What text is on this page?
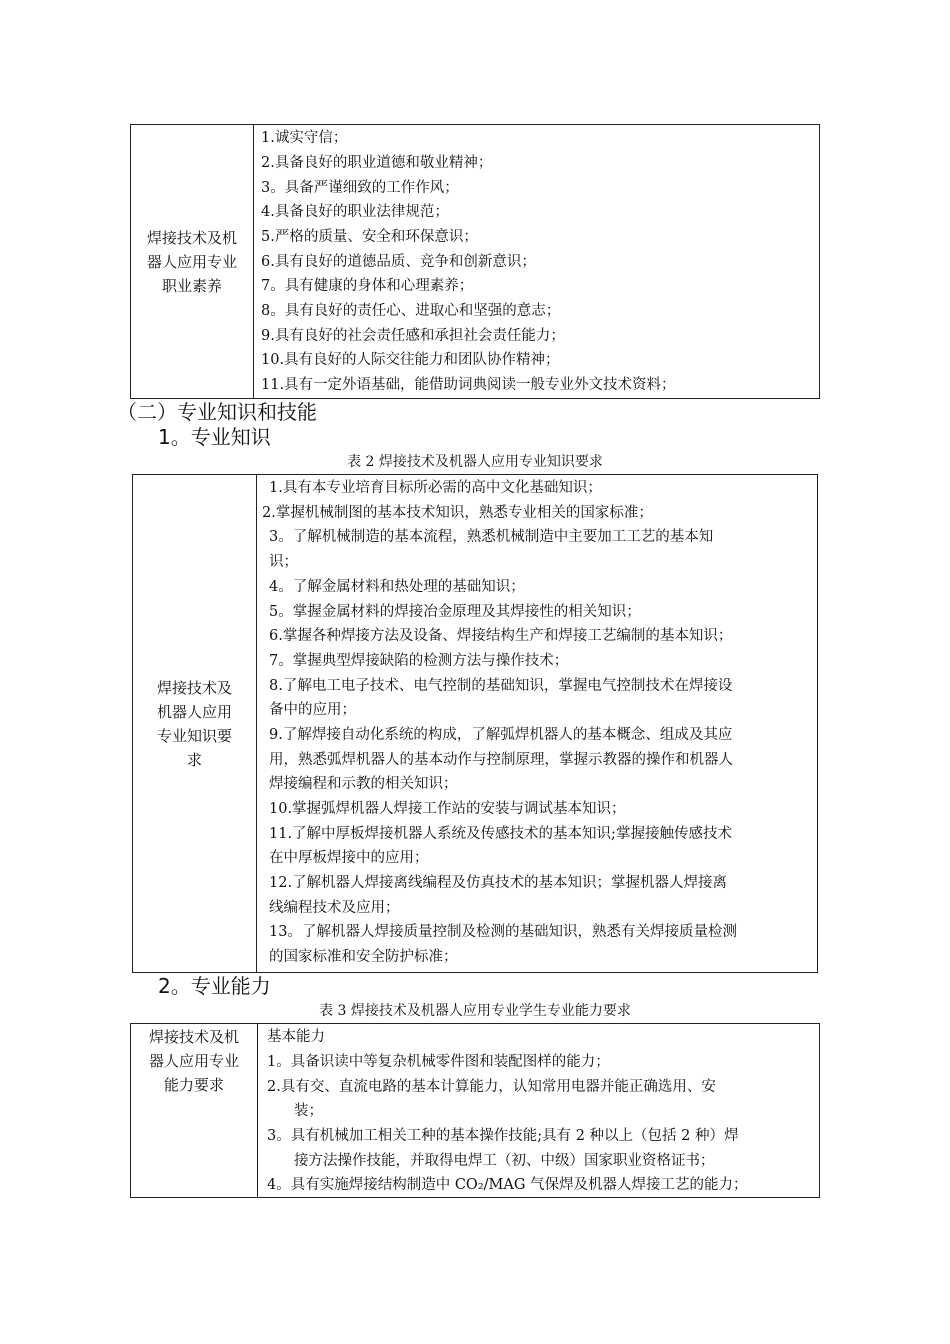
焊接技术及机
器人应用专业
职业素养
1.诚实守信；
2.具备良好的职业道德和敬业精神；
3。具备严谨细致的工作作风；
4.具备良好的职业法律规范；
5.严格的质量、安全和环保意识；
6.具有良好的道德品质、竞争和创新意识；
7。具有健康的身体和心理素养；
8。具有良好的责任心、进取心和坚强的意志；
9.具有良好的社会责任感和承担社会责任能力；
10.具有良好的人际交往能力和团队协作精神；
11.具有一定外语基础，能借助词典阅读一般专业外文技术资料；
（二）专业知识和技能
1。专业知识
表 2 焊接技术及机器人应用专业知识要求
焊接技术及
机器人应用
专业知识要
求
1.具有本专业培育目标所必需的高中文化基础知识；
2.掌握机械制图的基本技术知识，熟悉专业相关的国家标准；
3。了解机械制造的基本流程，熟悉机械制造中主要加工工艺的基本知
识；
4。了解金属材料和热处理的基础知识；
5。掌握金属材料的焊接冶金原理及其焊接性的相关知识；
6.掌握各种焊接方法及设备、焊接结构生产和焊接工艺编制的基本知识；
7。掌握典型焊接缺陷的检测方法与操作技术；
8.了解电工电子技术、电气控制的基础知识，掌握电气控制技术在焊接设
备中的应用；
9.了解焊接自动化系统的构成，了解弧焊机器人的基本概念、组成及其应
用，熟悉弧焊机器人的基本动作与控制原理，掌握示教器的操作和机器人
焊接编程和示教的相关知识；
10.掌握弧焊机器人焊接工作站的安装与调试基本知识；
11.了解中厚板焊接机器人系统及传感技术的基本知识;掌握接触传感技术
在中厚板焊接中的应用；
12.了解机器人焊接离线编程及仿真技术的基本知识；掌握机器人焊接离
线编程技术及应用；
13。了解机器人焊接质量控制及检测的基础知识，熟悉有关焊接质量检测
的国家标准和安全防护标准；
2。专业能力
表 3 焊接技术及机器人应用专业学生专业能力要求
焊接技术及机
器人应用专业
能力要求
基本能力
1。具备识读中等复杂机械零件图和装配图样的能力；
2.具有交、直流电路的基本计算能力，认知常用电器并能正确选用、安
装；
3。具有机械加工相关工种的基本操作技能;具有 2 种以上（包括 2 种）焊
接方法操作技能，并取得电焊工（初、中级）国家职业资格证书；
4。具有实施焊接结构制造中 CO₂/MAG 气保焊及机器人焊接工艺的能力；
